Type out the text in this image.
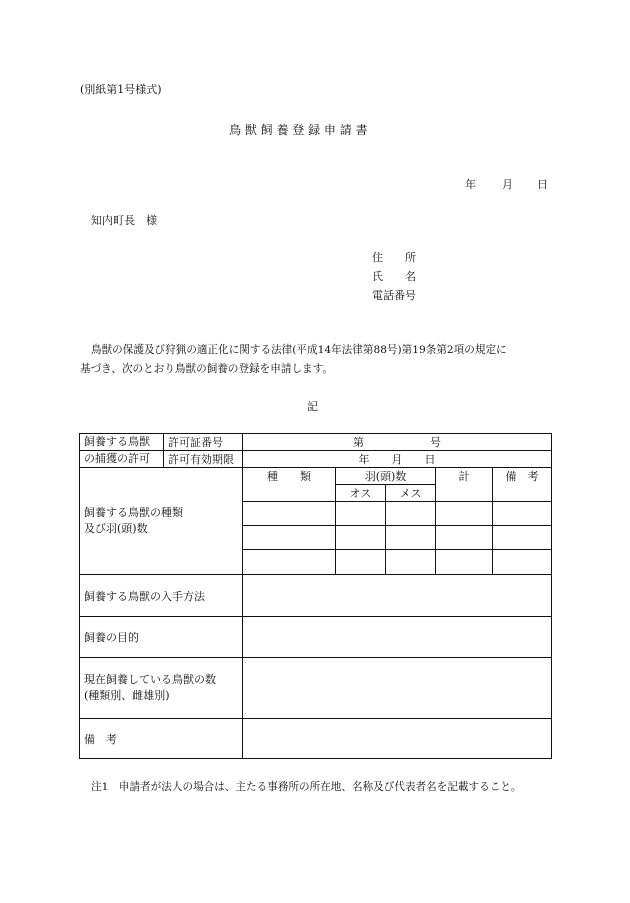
(別紙第1号様式)
鳥 獣 飼 養 登 録 申 請 書
年 月 日
知内町長　様
住　　所
氏　　名
電話番号
鳥獣の保護及び狩猟の適正化に関する法律(平成14年法律第88号)第19条第2項の規定に
基づき、次のとおり鳥獣の飼養の登録を申請します。
記
飼養する鳥獣	許可証番号	第　　　　　　号				
の捕獲の許可	許可有効期限	年　　月　　日				

飼養する鳥獣の種類
及び羽(頭)数		種　　類	羽(頭)数		計	備　考
			オス	メス		

飼養する鳥獣の入手方法						
飼養の目的						

現在飼養している鳥獣の数
(種類別、雌雄別)						

備　考						
注1　申請者が法人の場合は、主たる事務所の所在地、名称及び代表者名を記載すること。
